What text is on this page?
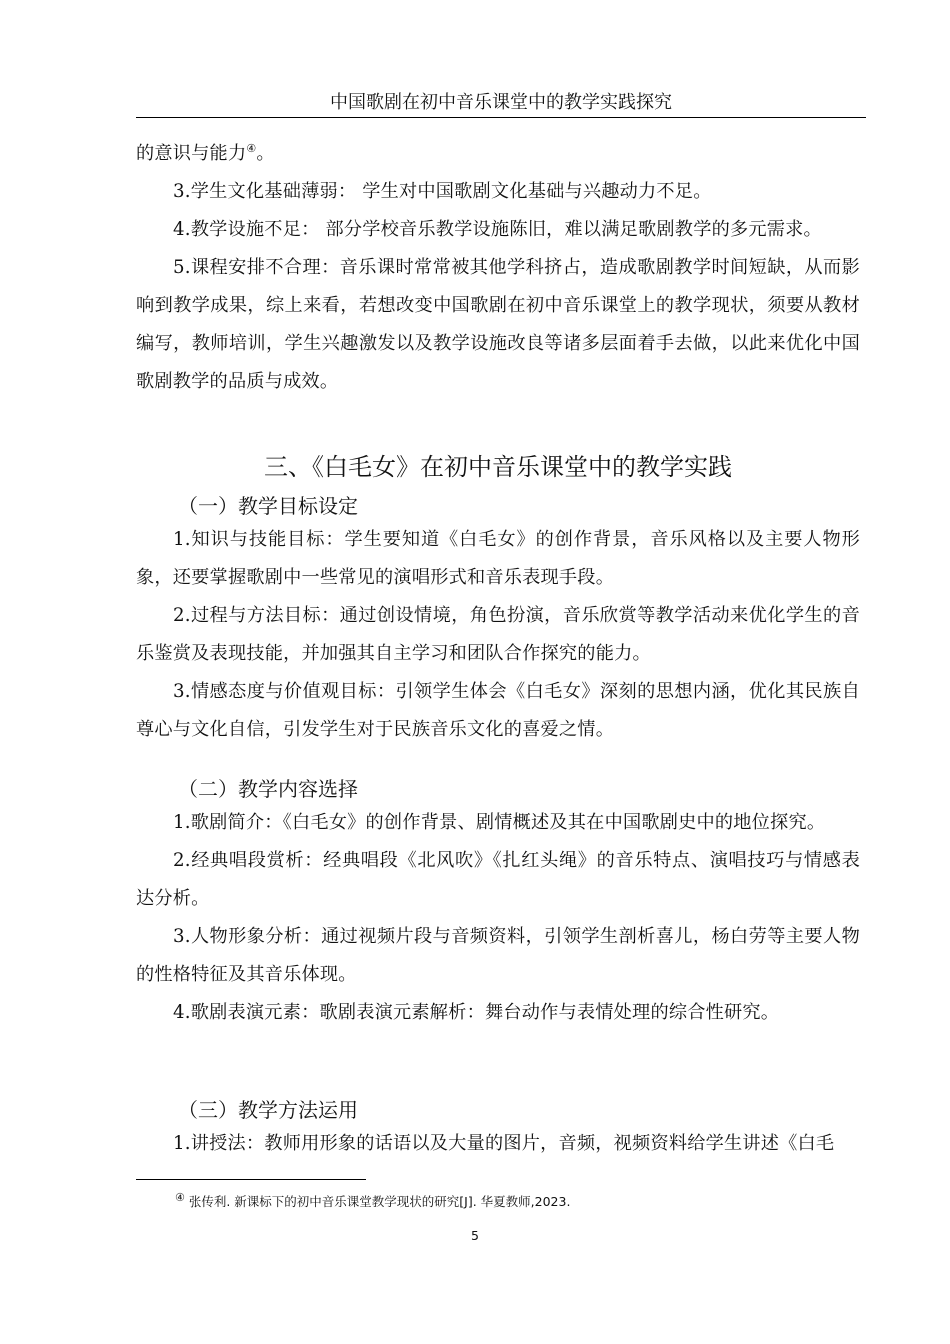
中国歌剧在初中音乐课堂中的教学实践探究

的意识与能力④。

3.学生文化基础薄弱： 学生对中国歌剧文化基础与兴趣动力不足。

4.教学设施不足： 部分学校音乐教学设施陈旧，难以满足歌剧教学的多元需求。

5.课程安排不合理：音乐课时常常被其他学科挤占，造成歌剧教学时间短缺，从而影响到教学成果，综上来看，若想改变中国歌剧在初中音乐课堂上的教学现状，须要从教材编写，教师培训，学生兴趣激发以及教学设施改良等诸多层面着手去做，以此来优化中国歌剧教学的品质与成效。

三、《白毛女》在初中音乐课堂中的教学实践
（一）教学目标设定

1.知识与技能目标：学生要知道《白毛女》的创作背景，音乐风格以及主要人物形象，还要掌握歌剧中一些常见的演唱形式和音乐表现手段。

2.过程与方法目标：通过创设情境，角色扮演，音乐欣赏等教学活动来优化学生的音乐鉴赏及表现技能，并加强其自主学习和团队合作探究的能力。

3.情感态度与价值观目标：引领学生体会《白毛女》深刻的思想内涵，优化其民族自尊心与文化自信，引发学生对于民族音乐文化的喜爱之情。

（二）教学内容选择

1.歌剧简介：《白毛女》的创作背景、剧情概述及其在中国歌剧史中的地位探究。

2.经典唱段赏析：经典唱段《北风吹》《扎红头绳》的音乐特点、演唱技巧与情感表达分析。

3.人物形象分析：通过视频片段与音频资料，引领学生剖析喜儿，杨白劳等主要人物的性格特征及其音乐体现。

4.歌剧表演元素：歌剧表演元素解析：舞台动作与表情处理的综合性研究。

（三）教学方法运用

1.讲授法：教师用形象的话语以及大量的图片，音频，视频资料给学生讲述《白毛

④ 张传利. 新课标下的初中音乐课堂教学现状的研究[J]. 华夏教师,2023.
5
